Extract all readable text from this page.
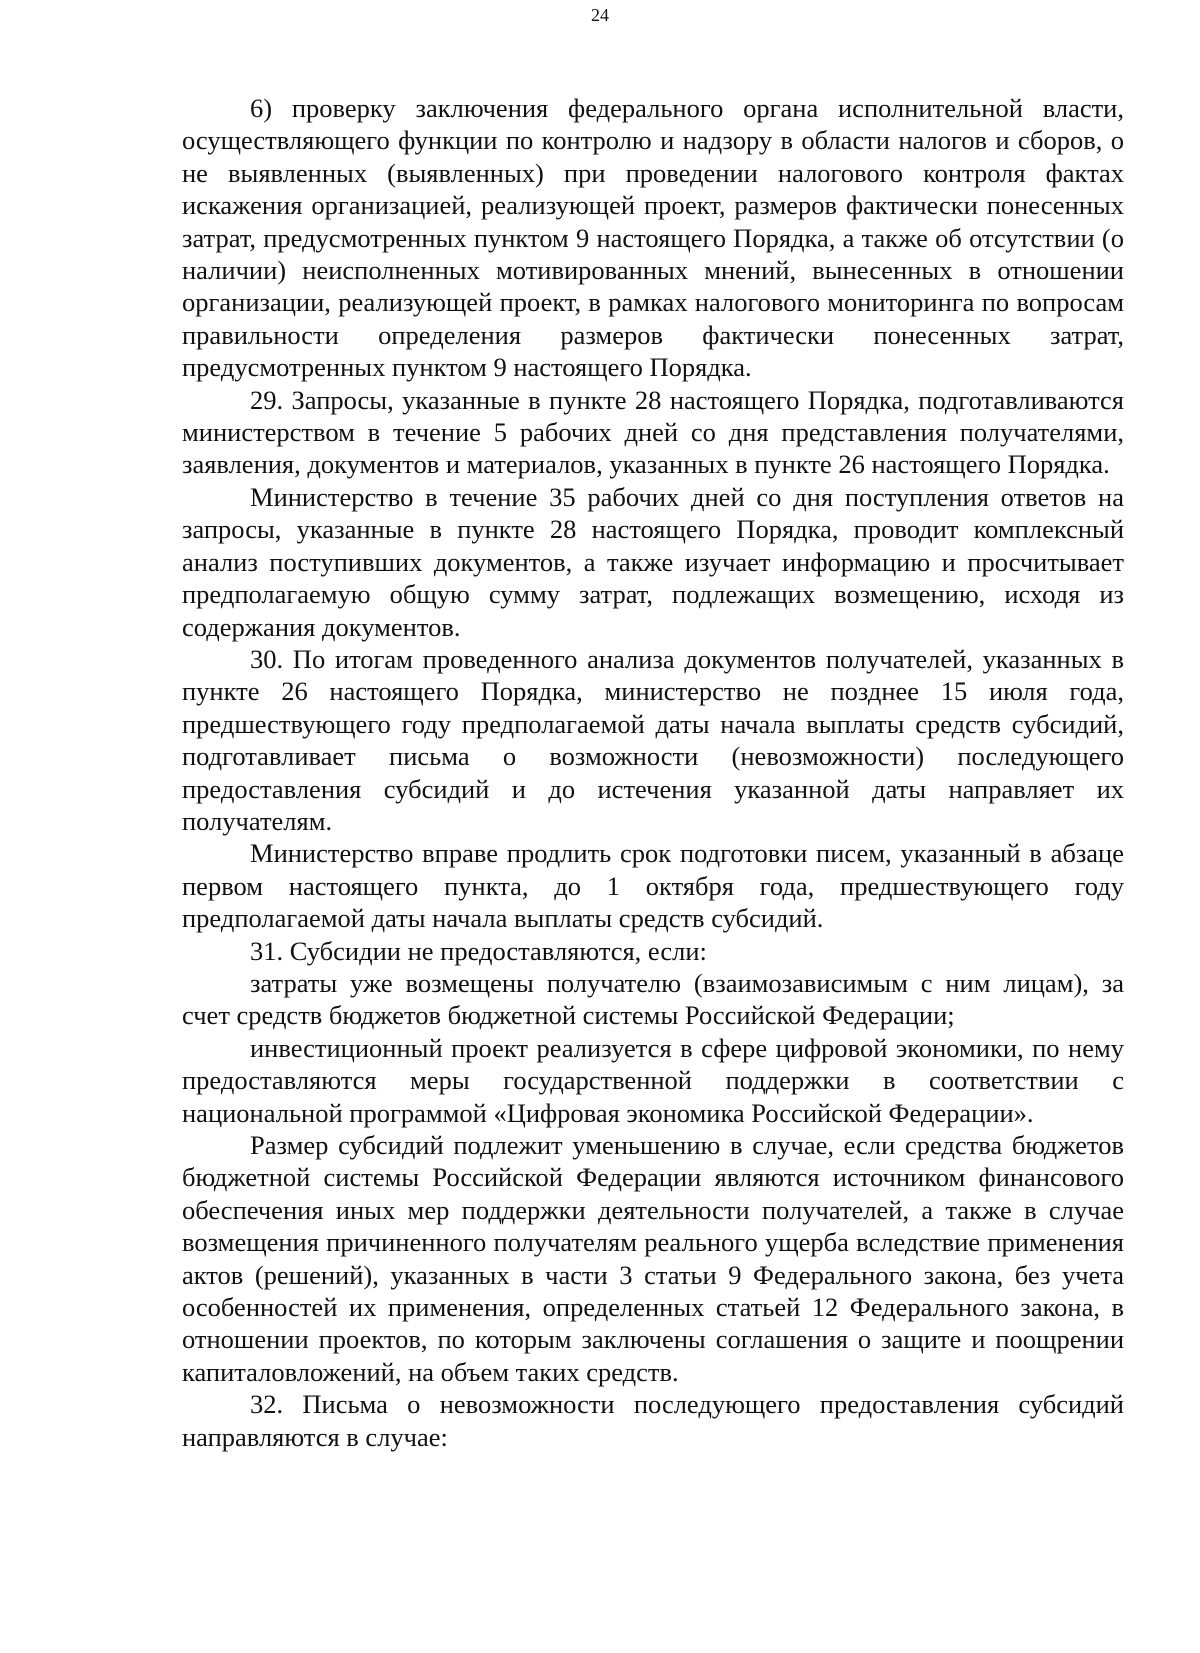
24

6) проверку заключения федерального органа исполнительной власти, осуществляющего функции по контролю и надзору в области налогов и сборов, о не выявленных (выявленных) при проведении налогового контроля фактах искажения организацией, реализующей проект, размеров фактически понесенных затрат, предусмотренных пунктом 9 настоящего Порядка, а также об отсутствии (о наличии) неисполненных мотивированных мнений, вынесенных в отношении организации, реализующей проект, в рамках налогового мониторинга по вопросам правильности определения размеров фактически понесенных затрат, предусмотренных пунктом 9 настоящего Порядка.

29. Запросы, указанные в пункте 28 настоящего Порядка, подготавливаются министерством в течение 5 рабочих дней со дня представления получателями, заявления, документов и материалов, указанных в пункте 26 настоящего Порядка.

Министерство в течение 35 рабочих дней со дня поступления ответов на запросы, указанные в пункте 28 настоящего Порядка, проводит комплексный анализ поступивших документов, а также изучает информацию и просчитывает предполагаемую общую сумму затрат, подлежащих возмещению, исходя из содержания документов.

30. По итогам проведенного анализа документов получателей, указанных в пункте 26 настоящего Порядка, министерство не позднее 15 июля года, предшествующего году предполагаемой даты начала выплаты средств субсидий, подготавливает письма о возможности (невозможности) последующего предоставления субсидий и до истечения указанной даты направляет их получателям.

Министерство вправе продлить срок подготовки писем, указанный в абзаце первом настоящего пункта, до 1 октября года, предшествующего году предполагаемой даты начала выплаты средств субсидий.

31. Субсидии не предоставляются, если:

затраты уже возмещены получателю (взаимозависимым с ним лицам), за счет средств бюджетов бюджетной системы Российской Федерации;

инвестиционный проект реализуется в сфере цифровой экономики, по нему предоставляются меры государственной поддержки в соответствии с национальной программой «Цифровая экономика Российской Федерации».

Размер субсидий подлежит уменьшению в случае, если средства бюджетов бюджетной системы Российской Федерации являются источником финансового обеспечения иных мер поддержки деятельности получателей, а также в случае возмещения причиненного получателям реального ущерба вследствие применения актов (решений), указанных в части 3 статьи 9 Федерального закона, без учета особенностей их применения, определенных статьей 12 Федерального закона, в отношении проектов, по которым заключены соглашения о защите и поощрении капиталовложений, на объем таких средств.

32. Письма о невозможности последующего предоставления субсидий направляются в случае:
